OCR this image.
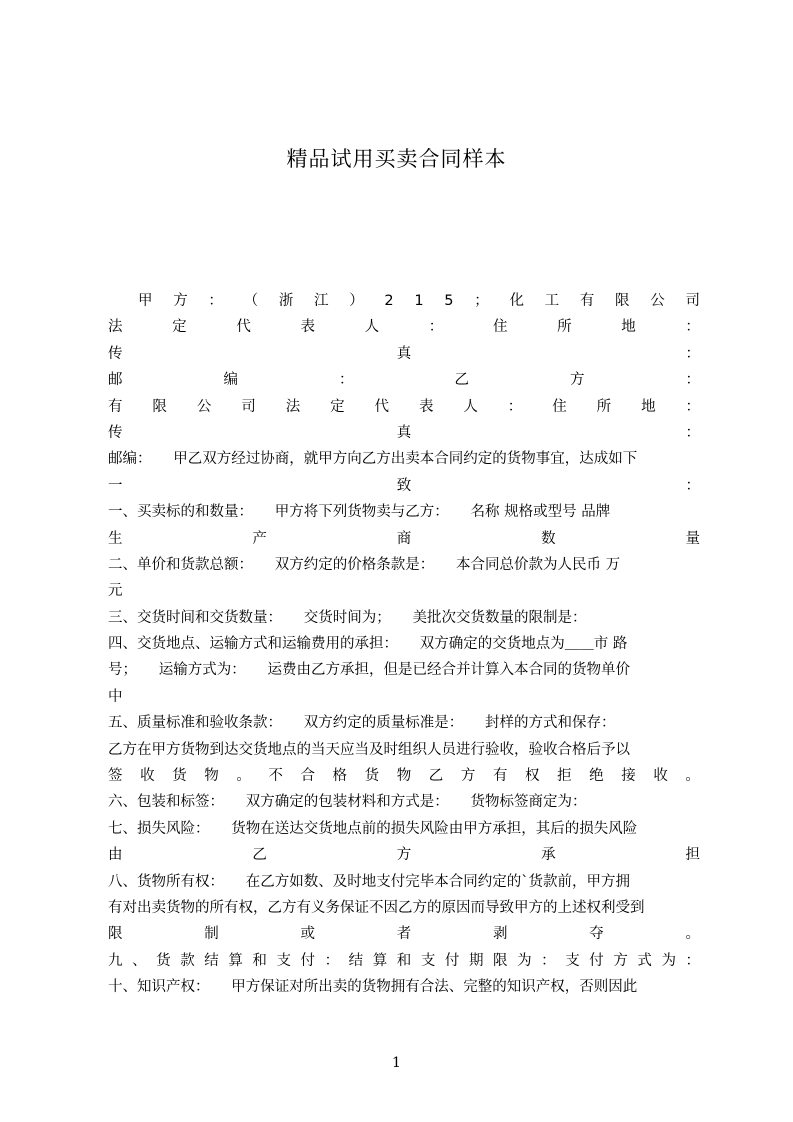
精品试用买卖合同样本
甲 方 ： （ 浙 江 ） 2 1 5 ； 化 工 有 限 公 司
法	定	代	表	人	：	住	所	地	：
传	真	：
邮	编	：	乙	方	：
有 限 公 司 法 定 代 表 人 ： 住 所 地 ：
传	真	：
邮编：　　甲乙双方经过协商，就甲方向乙方出卖本合同约定的货物事宜，达成如下
一	致	：
一、买卖标的和数量：　　甲方将下列货物卖与乙方：　　名称 规格或型号 品牌
生	产	商	数	量
二、单价和货款总额：　　双方约定的价格条款是：　　本合同总价款为人民币 万
元
三、交货时间和交货数量：　　交货时间为；　　美批次交货数量的限制是：
四、交货地点、运输方式和运输费用的承担：　　双方确定的交货地点为＿＿市 路
号；　　运输方式为：　　运费由乙方承担，但是已经合并计算入本合同的货物单价
中
五、质量标准和验收条款：　　双方约定的质量标准是：　　封样的方式和保存：
乙方在甲方货物到达交货地点的当天应当及时组织人员进行验收，验收合格后予以
签 收 货 物 。 不 合 格 货 物 乙 方 有 权 拒 绝 接 收 。
六、包装和标签：　　双方确定的包装材料和方式是：　　货物标签商定为：
七、损失风险：　　货物在送达交货地点前的损失风险由甲方承担，其后的损失风险
由	乙	方	承	担
八、货物所有权：　　在乙方如数、及时地支付完毕本合同约定的`货款前，甲方拥
有对出卖货物的所有权，乙方有义务保证不因乙方的原因而导致甲方的上述权利受到
限	制	或	者	剥	夺	。
九 、 货 款 结 算 和 支 付 ： 结 算 和 支 付 期 限 为 ： 支 付 方 式 为 ：
十、知识产权：　　甲方保证对所出卖的货物拥有合法、完整的知识产权，否则因此
1
